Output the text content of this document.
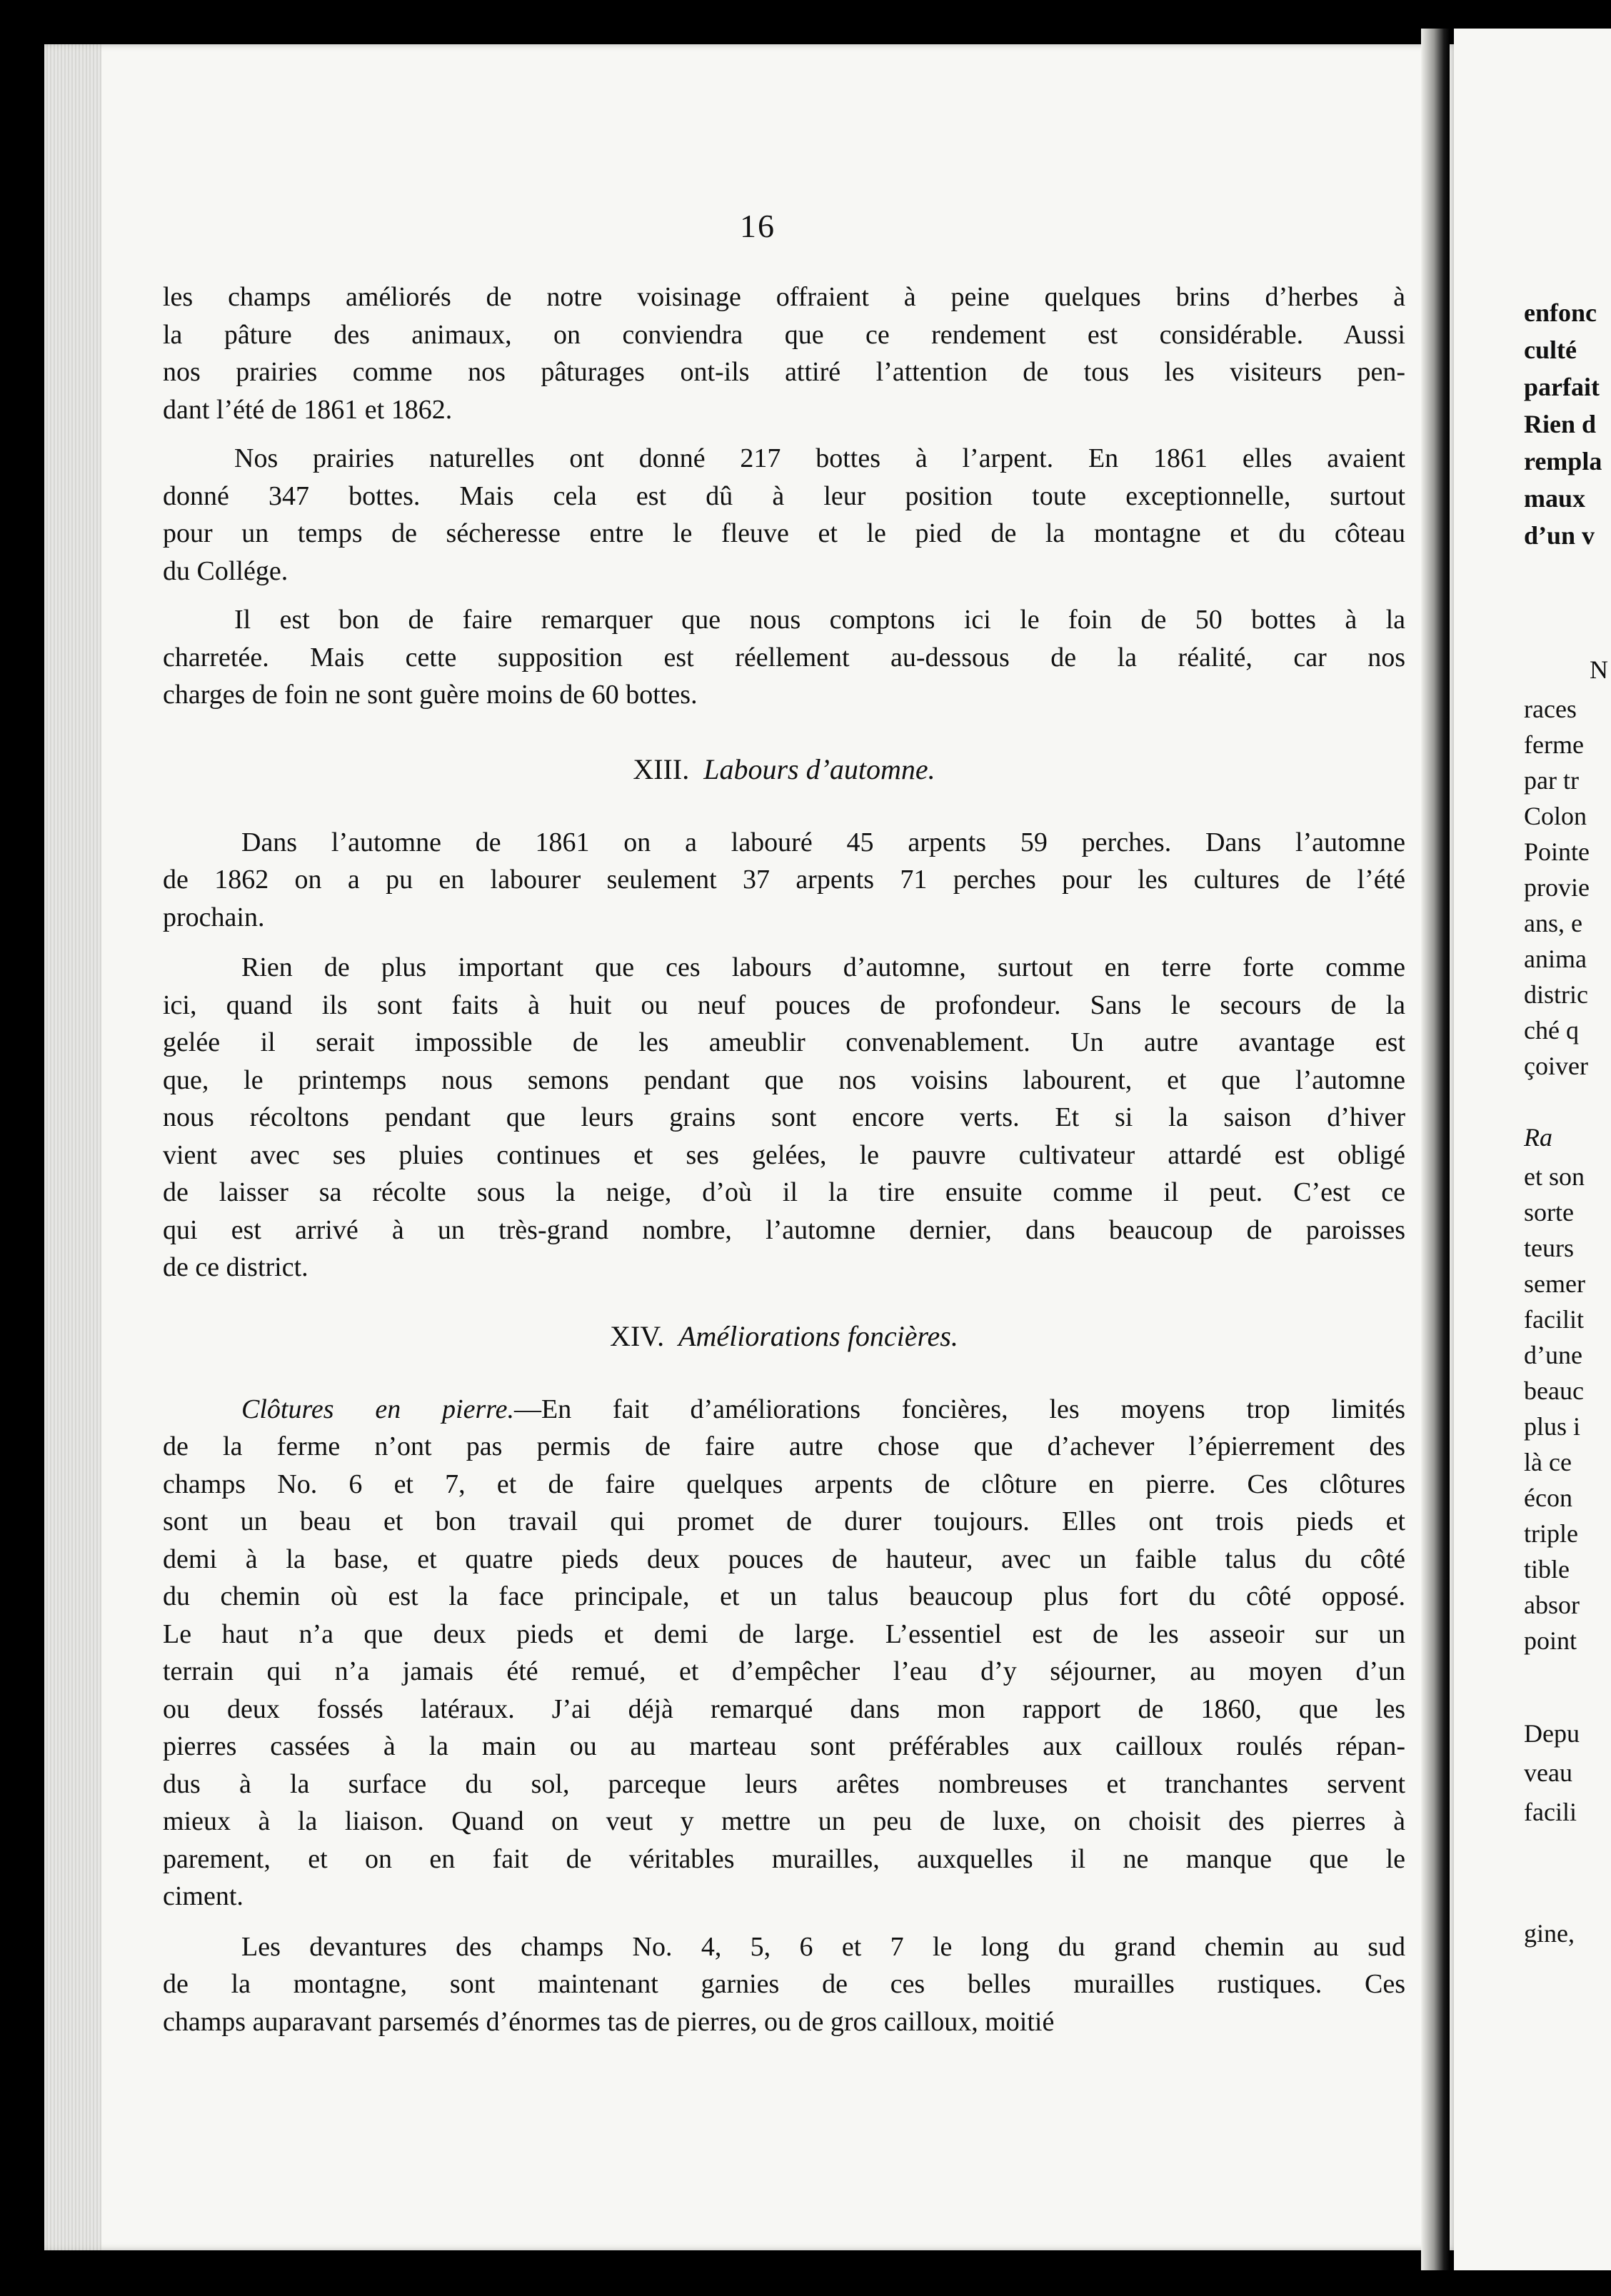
16
les champs améliorés de notre voisinage offraient à peine quelques brins d’herbes à
la pâture des animaux, on conviendra que ce rendement est considérable. Aussi
nos prairies comme nos pâturages ont-ils attiré l’attention de tous les visiteurs pen-
dant l’été de 1861 et 1862.
Nos prairies naturelles ont donné 217 bottes à l’arpent. En 1861 elles avaient
donné 347 bottes. Mais cela est dû à leur position toute exceptionnelle, surtout
pour un temps de sécheresse entre le fleuve et le pied de la montagne et du côteau
du Collége.
Il est bon de faire remarquer que nous comptons ici le foin de 50 bottes à la
charretée. Mais cette supposition est réellement au-dessous de la réalité, car nos
charges de foin ne sont guère moins de 60 bottes.
XIII. Labours d’automne.
Dans l’automne de 1861 on a labouré 45 arpents 59 perches. Dans l’automne
de 1862 on a pu en labourer seulement 37 arpents 71 perches pour les cultures de l’été
prochain.
Rien de plus important que ces labours d’automne, surtout en terre forte comme
ici, quand ils sont faits à huit ou neuf pouces de profondeur. Sans le secours de la
gelée il serait impossible de les ameublir convenablement. Un autre avantage est
que, le printemps nous semons pendant que nos voisins labourent, et que l’automne
nous récoltons pendant que leurs grains sont encore verts. Et si la saison d’hiver
vient avec ses pluies continues et ses gelées, le pauvre cultivateur attardé est obligé
de laisser sa récolte sous la neige, d’où il la tire ensuite comme il peut. C’est ce
qui est arrivé à un très-grand nombre, l’automne dernier, dans beaucoup de paroisses
de ce district.
XIV. Améliorations foncières.
Clôtures en pierre.—En fait d’améliorations foncières, les moyens trop limités
de la ferme n’ont pas permis de faire autre chose que d’achever l’épierrement des
champs No. 6 et 7, et de faire quelques arpents de clôture en pierre. Ces clôtures
sont un beau et bon travail qui promet de durer toujours. Elles ont trois pieds et
demi à la base, et quatre pieds deux pouces de hauteur, avec un faible talus du côté
du chemin où est la face principale, et un talus beaucoup plus fort du côté opposé.
Le haut n’a que deux pieds et demi de large. L’essentiel est de les asseoir sur un
terrain qui n’a jamais été remué, et d’empêcher l’eau d’y séjourner, au moyen d’un
ou deux fossés latéraux. J’ai déjà remarqué dans mon rapport de 1860, que les
pierres cassées à la main ou au marteau sont préférables aux cailloux roulés répan-
dus à la surface du sol, parceque leurs arêtes nombreuses et tranchantes servent
mieux à la liaison. Quand on veut y mettre un peu de luxe, on choisit des pierres à
parement, et on en fait de véritables murailles, auxquelles il ne manque que le
ciment.
Les devantures des champs No. 4, 5, 6 et 7 le long du grand chemin au sud
de la montagne, sont maintenant garnies de ces belles murailles rustiques. Ces
champs auparavant parsemés d’énormes tas de pierres, ou de gros cailloux, moitié
enfonc
culté
parfait
Rien d
rempla
maux
d’un v
N
races
ferme
par tr
Colon
Pointe
provie
ans, e
anima
distric
ché q
çoiver
Ra
et son
sorte
teurs
semer
facilit
d’une
beauc
plus i
là ce
écon
triple
tible
absor
point
Depu
veau
facili
gine,
